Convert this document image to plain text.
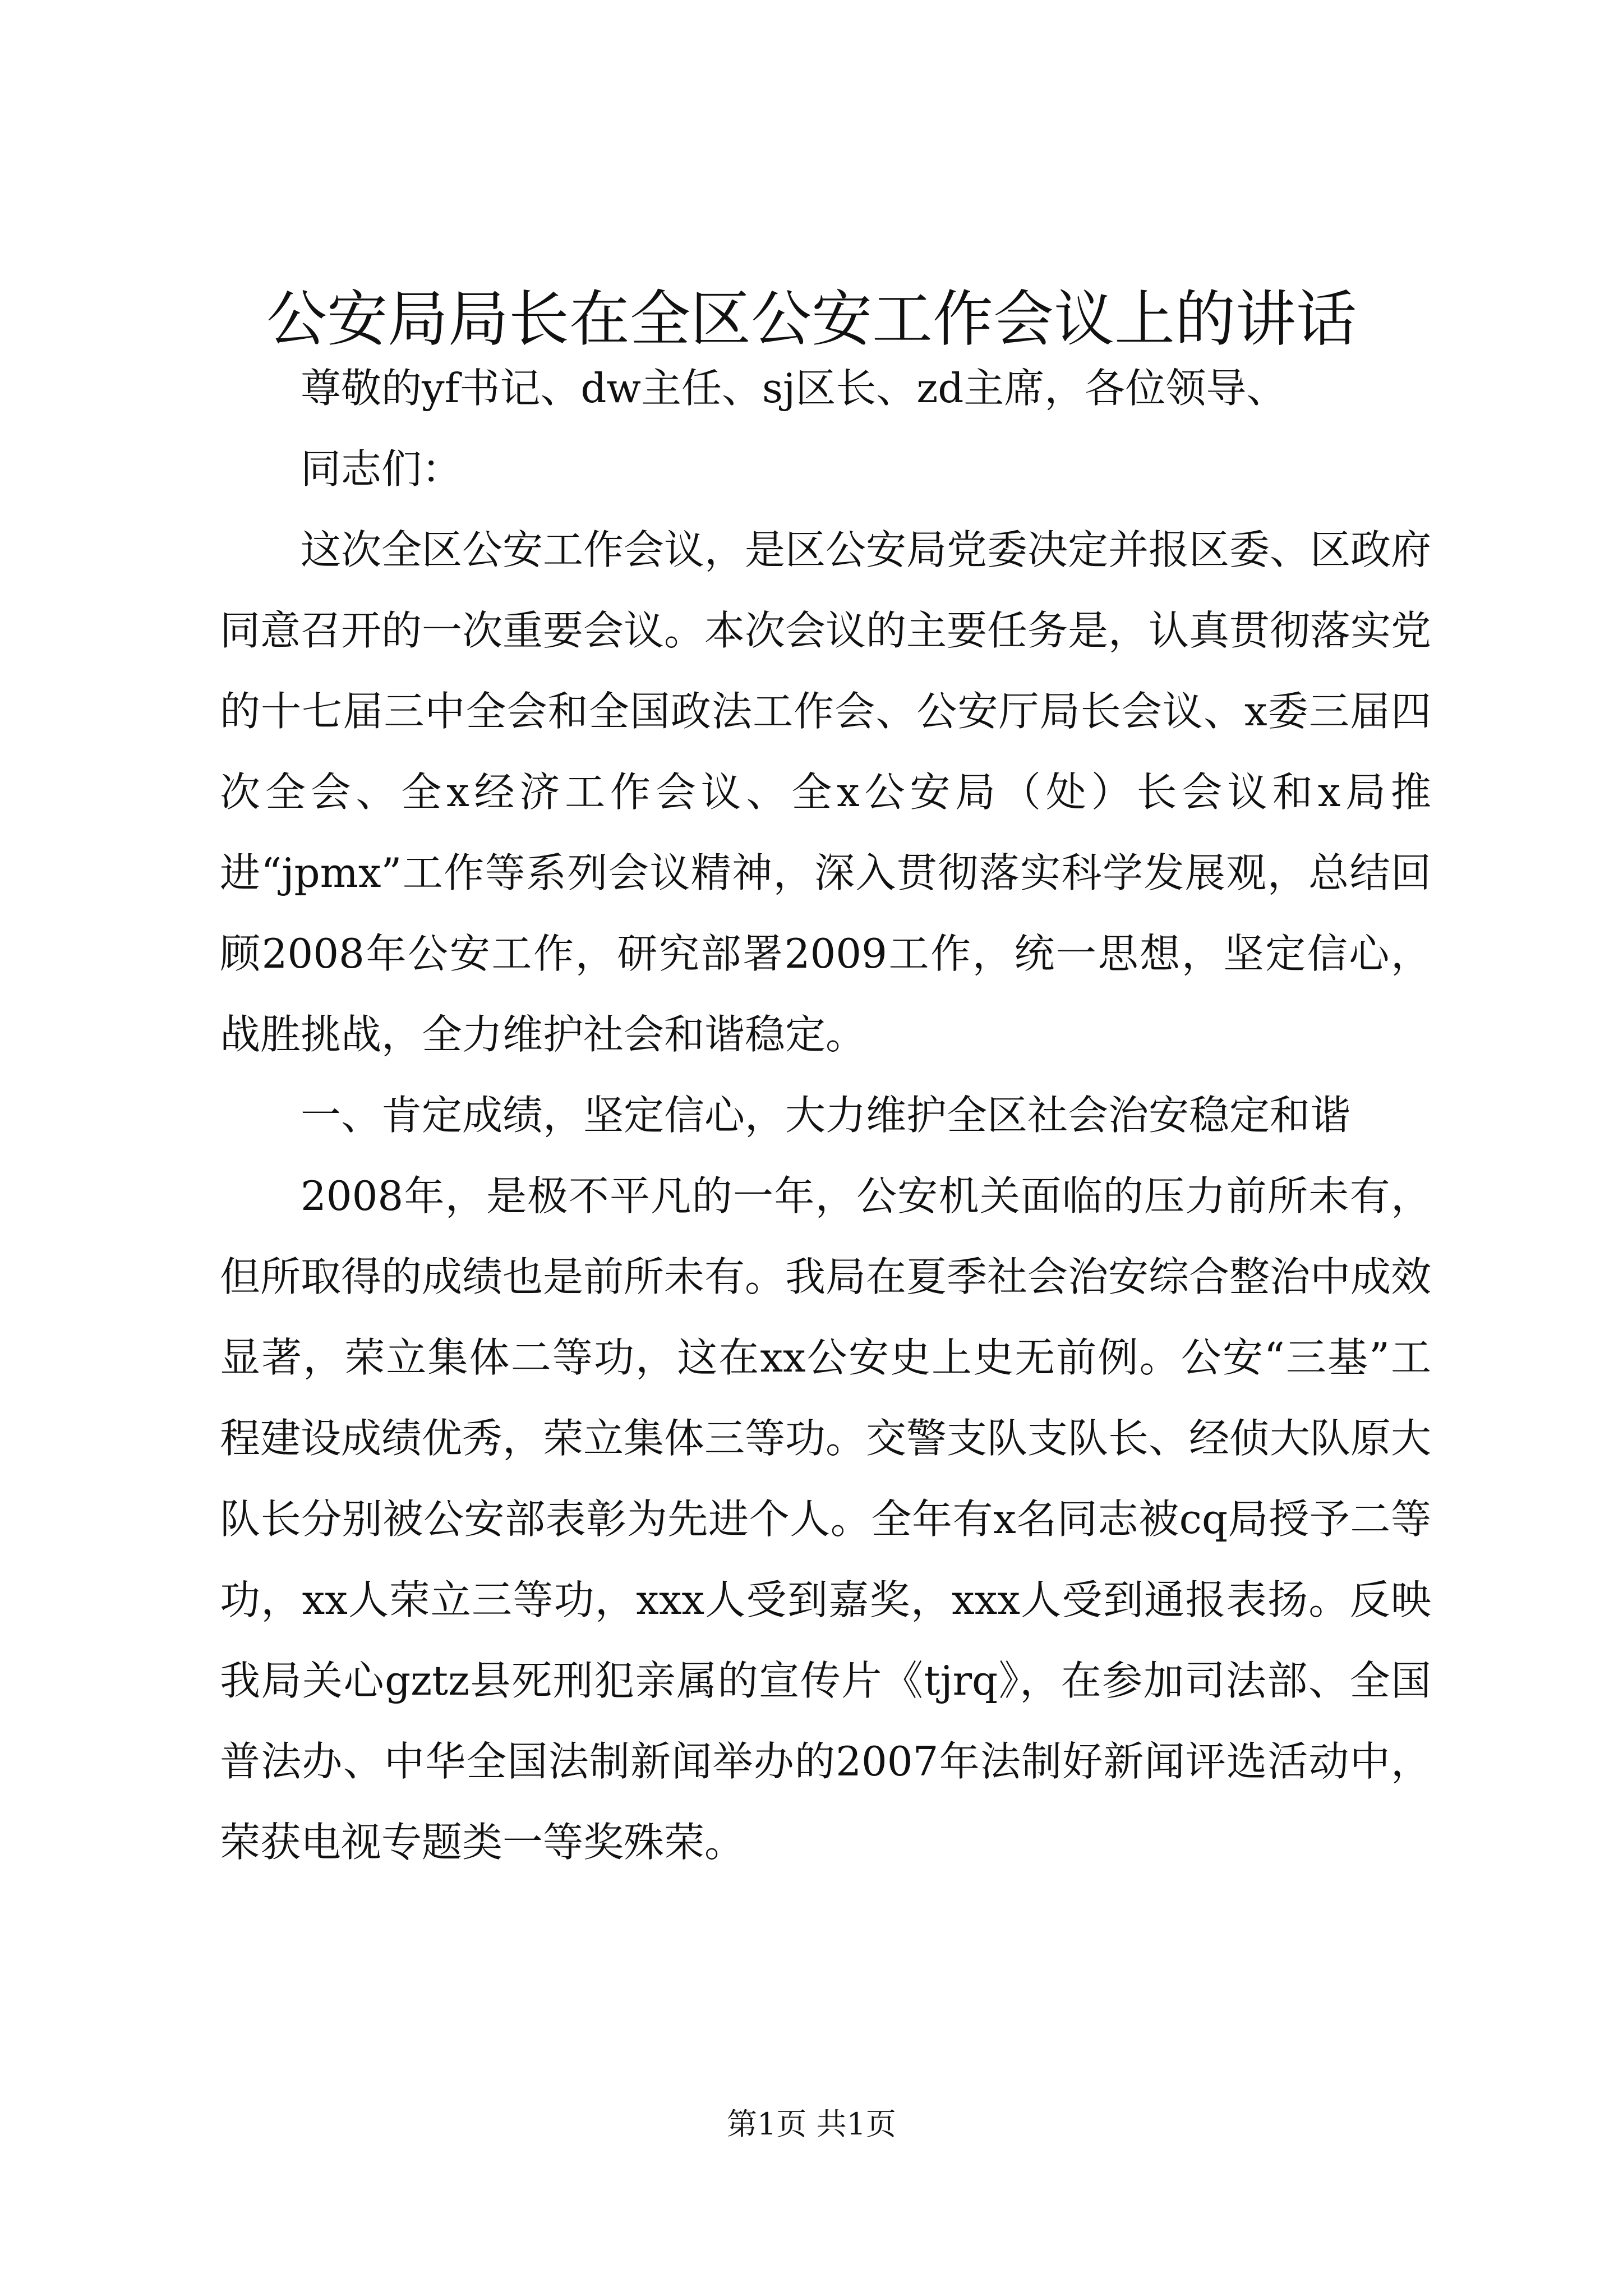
公安局局长在全区公安工作会议上的讲话

尊敬的yf书记、dw主任、sj区长、zd主席，各位领导、

同志们：

这次全区公安工作会议，是区公安局党委决定并报区委、区政府同意召开的一次重要会议。本次会议的主要任务是，认真贯彻落实党的十七届三中全会和全国政法工作会、公安厅局长会议、x委三届四次全会、全x经济工作会议、全x公安局（处）长会议和x局推进“jpmx”工作等系列会议精神，深入贯彻落实科学发展观，总结回顾2008年公安工作，研究部署2009工作，统一思想，坚定信心，战胜挑战，全力维护社会和谐稳定。

一、肯定成绩，坚定信心，大力维护全区社会治安稳定和谐

2008年，是极不平凡的一年，公安机关面临的压力前所未有，但所取得的成绩也是前所未有。我局在夏季社会治安综合整治中成效显著，荣立集体二等功，这在xx公安史上史无前例。公安“三基”工程建设成绩优秀，荣立集体三等功。交警支队支队长、经侦大队原大队长分别被公安部表彰为先进个人。全年有x名同志被cq局授予二等功，xx人荣立三等功，xxx人受到嘉奖，xxx人受到通报表扬。反映我局关心gztz县死刑犯亲属的宣传片《tjrq》，在参加司法部、全国普法办、中华全国法制新闻举办的2007年法制好新闻评选活动中，荣获电视专题类一等奖殊荣。

第1页 共1页
